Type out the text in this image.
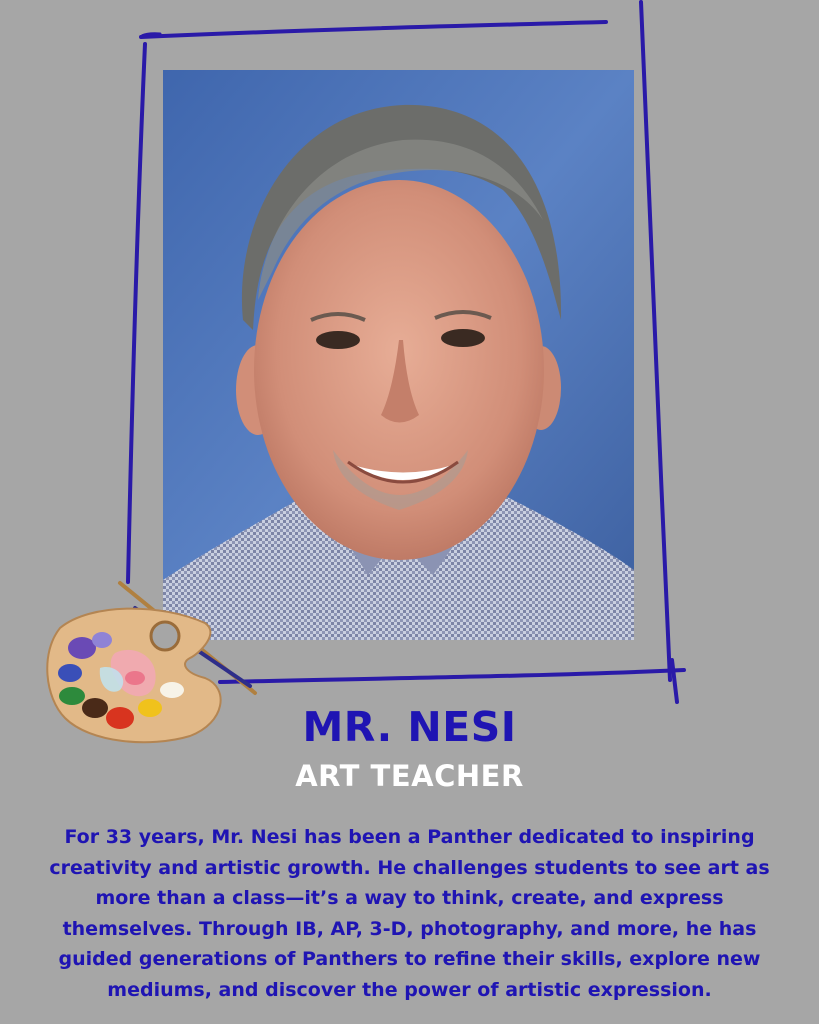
MR. NESI
ART TEACHER
For 33 years, Mr. Nesi has been a Panther dedicated to inspiring creativity and artistic growth. He challenges students to see art as more than a class—it’s a way to think, create, and express themselves. Through IB, AP, 3-D, photography, and more, he has guided generations of Panthers to refine their skills, explore new mediums, and discover the power of artistic expression.
